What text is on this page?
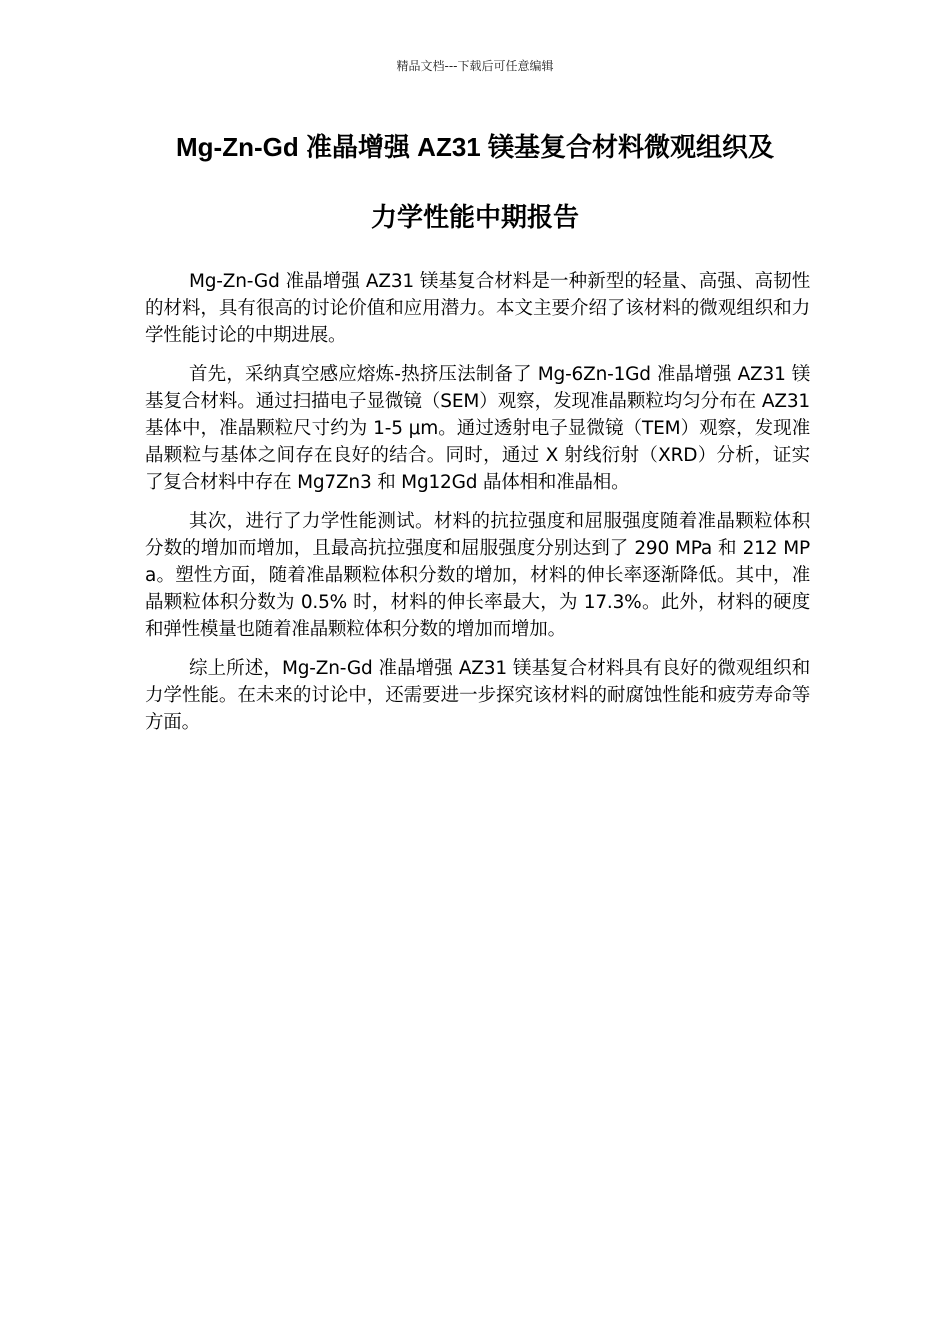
精品文档---下载后可任意编辑
Mg-Zn-Gd 准晶增强 AZ31 镁基复合材料微观组织及
力学性能中期报告

Mg-Zn-Gd 准晶增强 AZ31 镁基复合材料是一种新型的轻量、高强、高韧性的材料，具有很高的讨论价值和应用潜力。本文主要介绍了该材料的微观组织和力学性能讨论的中期进展。

首先，采纳真空感应熔炼-热挤压法制备了 Mg-6Zn-1Gd 准晶增强 AZ31 镁基复合材料。通过扫描电子显微镜（SEM）观察，发现准晶颗粒均匀分布在 AZ31 基体中，准晶颗粒尺寸约为 1-5 μm。通过透射电子显微镜（TEM）观察，发现准晶颗粒与基体之间存在良好的结合。同时，通过 X 射线衍射（XRD）分析，证实了复合材料中存在 Mg7Zn3 和 Mg12Gd 晶体相和准晶相。

其次，进行了力学性能测试。材料的抗拉强度和屈服强度随着准晶颗粒体积分数的增加而增加，且最高抗拉强度和屈服强度分别达到了 290 MPa 和 212 MPa。塑性方面，随着准晶颗粒体积分数的增加，材料的伸长率逐渐降低。其中，准晶颗粒体积分数为 0.5% 时，材料的伸长率最大，为 17.3%。此外，材料的硬度和弹性模量也随着准晶颗粒体积分数的增加而增加。

综上所述，Mg-Zn-Gd 准晶增强 AZ31 镁基复合材料具有良好的微观组织和力学性能。在未来的讨论中，还需要进一步探究该材料的耐腐蚀性能和疲劳寿命等方面。
